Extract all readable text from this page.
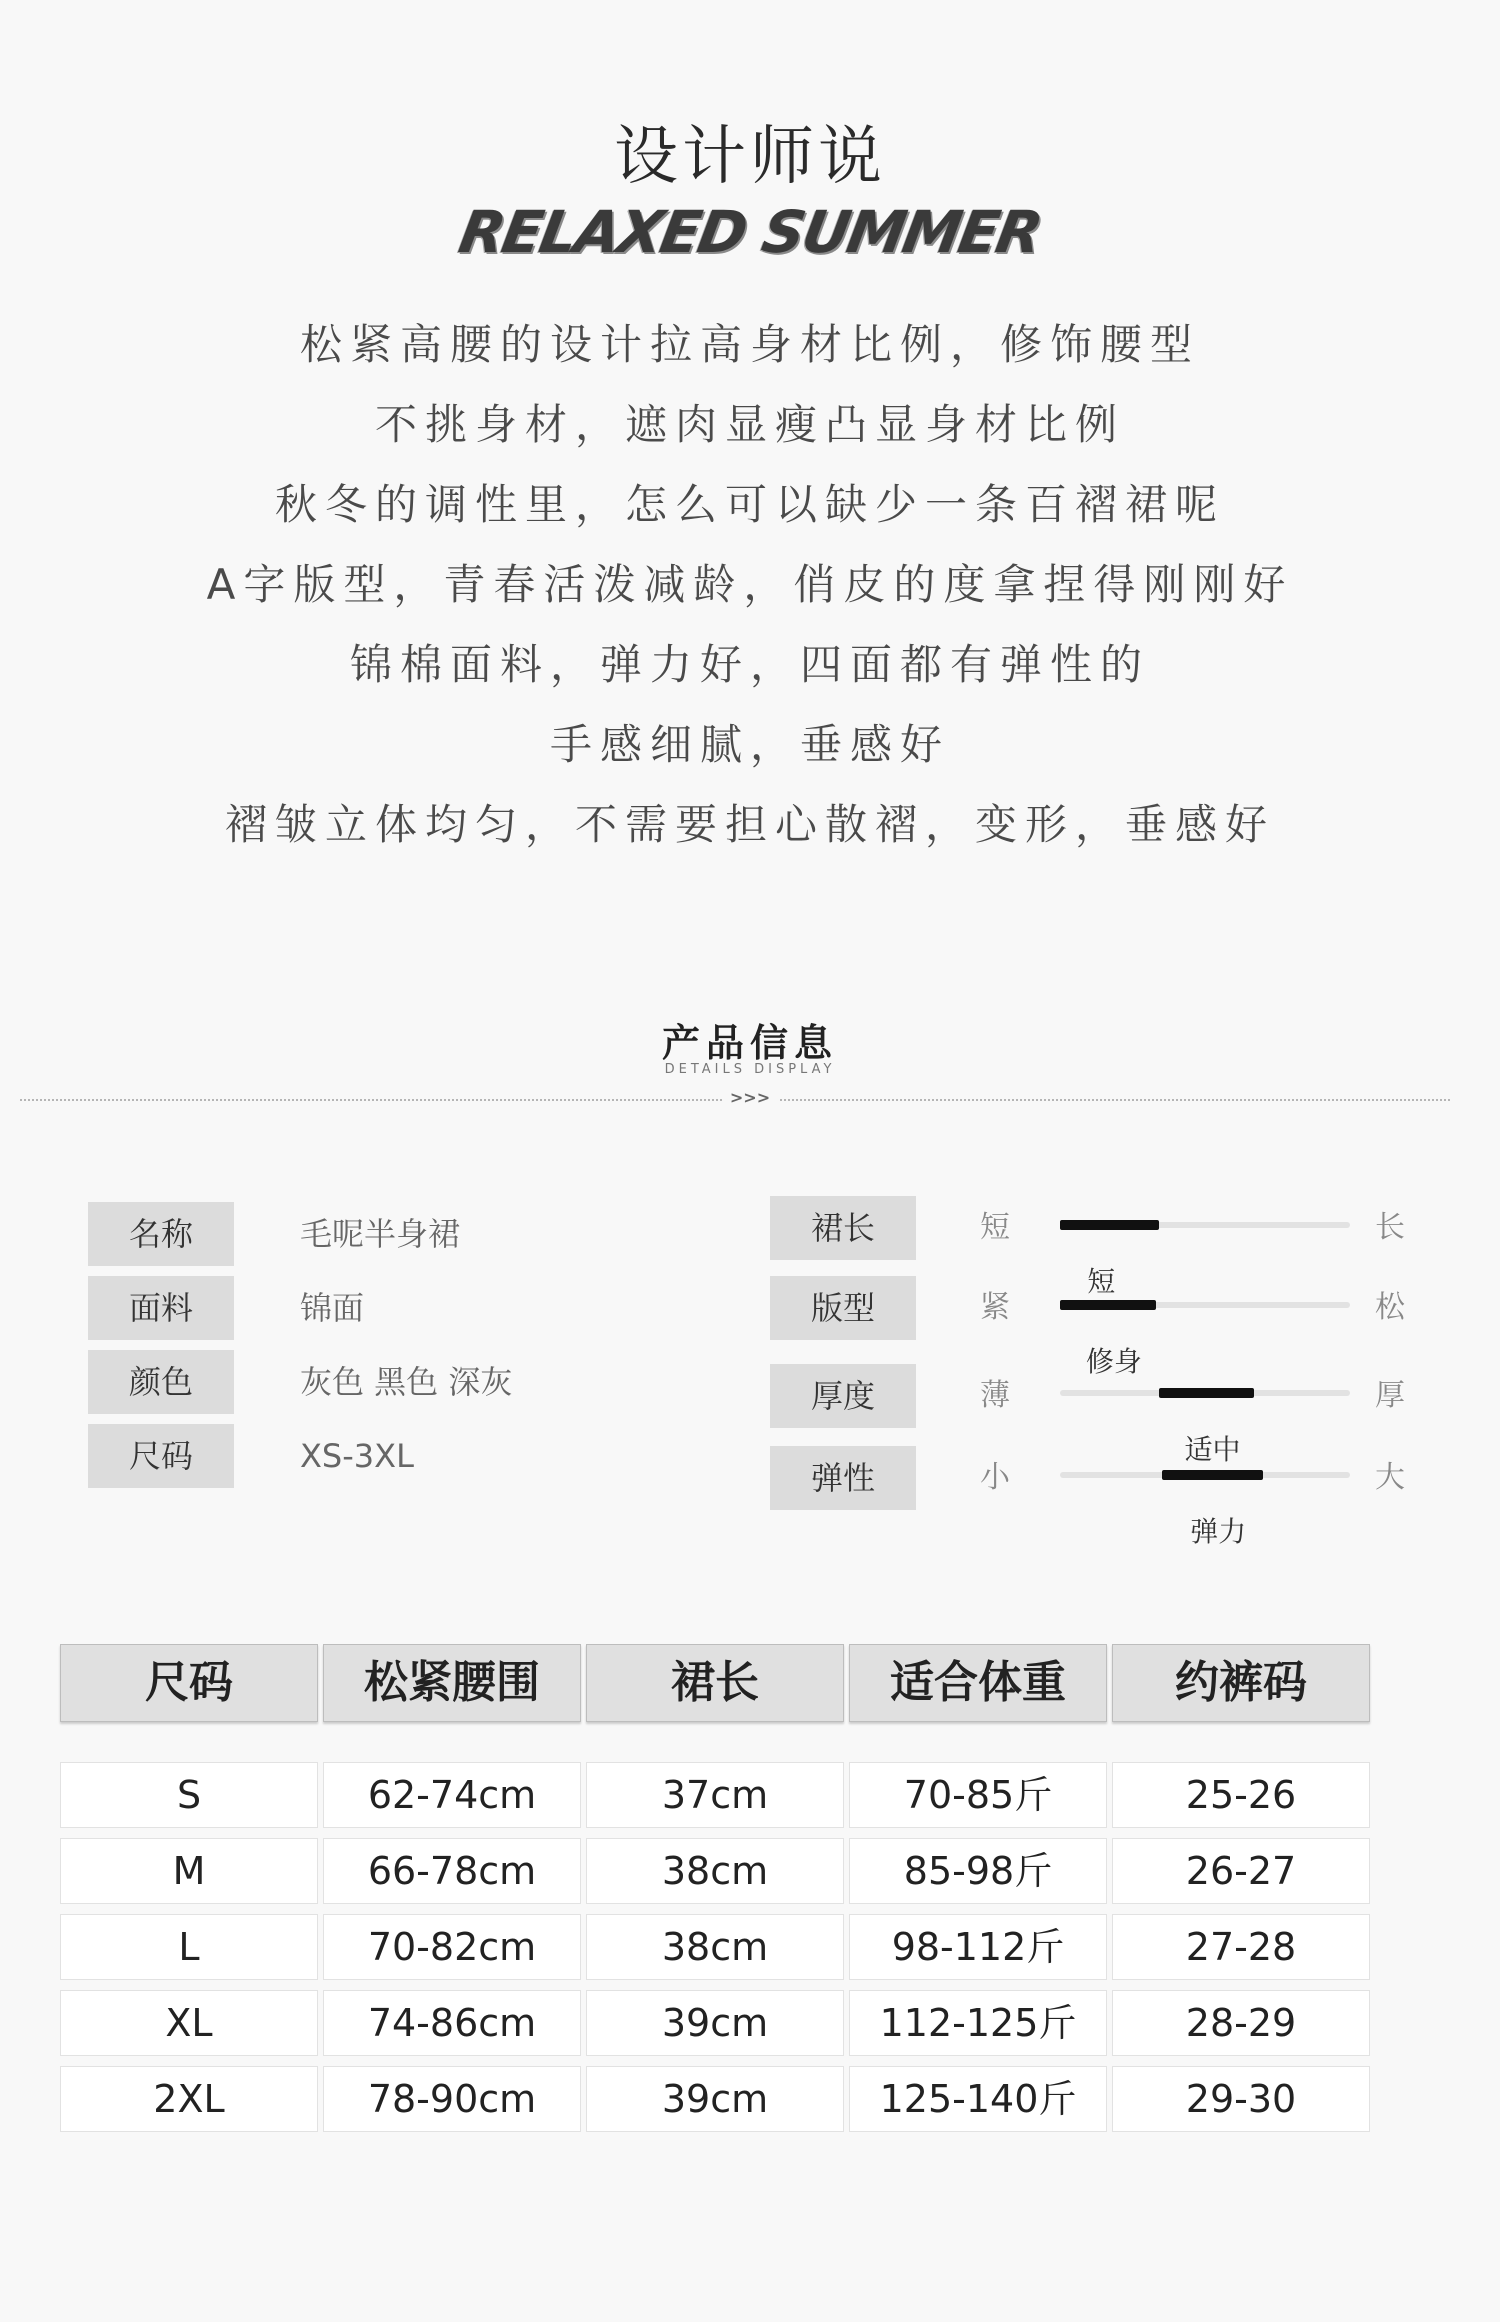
设计师说
RELAXED SUMMER
松紧高腰的设计拉高身材比例，修饰腰型
不挑身材，遮肉显瘦凸显身材比例
秋冬的调性里，怎么可以缺少一条百褶裙呢
A字版型，青春活泼减龄，俏皮的度拿捏得刚刚好
锦棉面料，弹力好，四面都有弹性的
手感细腻，垂感好
褶皱立体均匀，不需要担心散褶，变形，垂感好
产品信息
DETAILS DISPLAY
>>>
名称	毛呢半身裙
面料	锦面
颜色	灰色 黑色 深灰
尺码	XS-3XL
裙长	短
短
长
版型	紧
修身
松
厚度	薄
适中
厚
弹性	小
弹力
大
尺码	松紧腰围	裙长	适合体重	约裤码
S	62-74cm	37cm	70-85斤	25-26
M	66-78cm	38cm	85-98斤	26-27
L	70-82cm	38cm	98-112斤	27-28
XL	74-86cm	39cm	112-125斤	28-29
2XL	78-90cm	39cm	125-140斤	29-30
